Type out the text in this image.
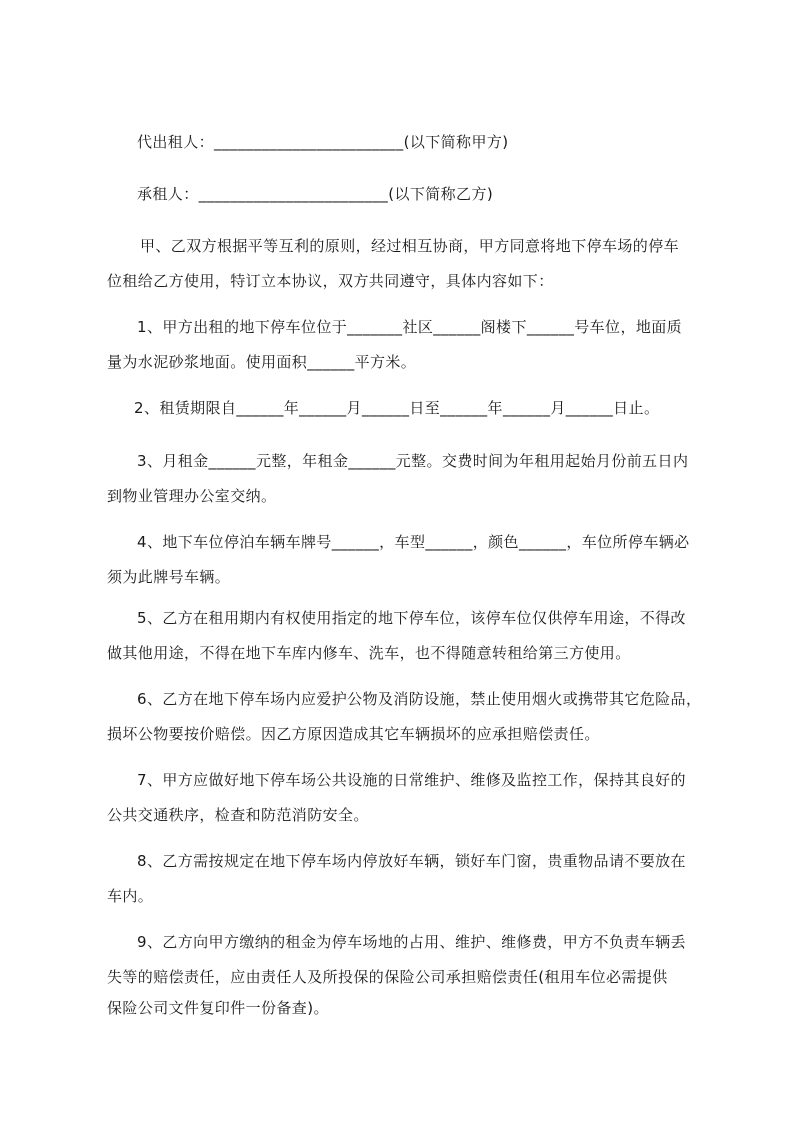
代出租人：________________________(以下简称甲方)

承租人：________________________(以下简称乙方)

甲、乙双方根据平等互利的原则，经过相互协商，甲方同意将地下停车场的停车
位租给乙方使用，特订立本协议，双方共同遵守，具体内容如下：
1、甲方出租的地下停车位位于_______社区______阁楼下______号车位，地面质
量为水泥砂浆地面。使用面积______平方米。
2、租赁期限自______年______月______日至______年______月______日止。
3、月租金______元整，年租金______元整。交费时间为年租用起始月份前五日内
到物业管理办公室交纳。
4、地下车位停泊车辆车牌号______，车型______，颜色______，车位所停车辆必
须为此牌号车辆。
5、乙方在租用期内有权使用指定的地下停车位，该停车位仅供停车用途，不得改
做其他用途，不得在地下车库内修车、洗车，也不得随意转租给第三方使用。
6、乙方在地下停车场内应爱护公物及消防设施，禁止使用烟火或携带其它危险品，
损坏公物要按价赔偿。因乙方原因造成其它车辆损坏的应承担赔偿责任。
7、甲方应做好地下停车场公共设施的日常维护、维修及监控工作，保持其良好的
公共交通秩序，检查和防范消防安全。
8、乙方需按规定在地下停车场内停放好车辆，锁好车门窗，贵重物品请不要放在
车内。
9、乙方向甲方缴纳的租金为停车场地的占用、维护、维修费，甲方不负责车辆丢
失等的赔偿责任，应由责任人及所投保的保险公司承担赔偿责任(租用车位必需提供
保险公司文件复印件一份备查)。
